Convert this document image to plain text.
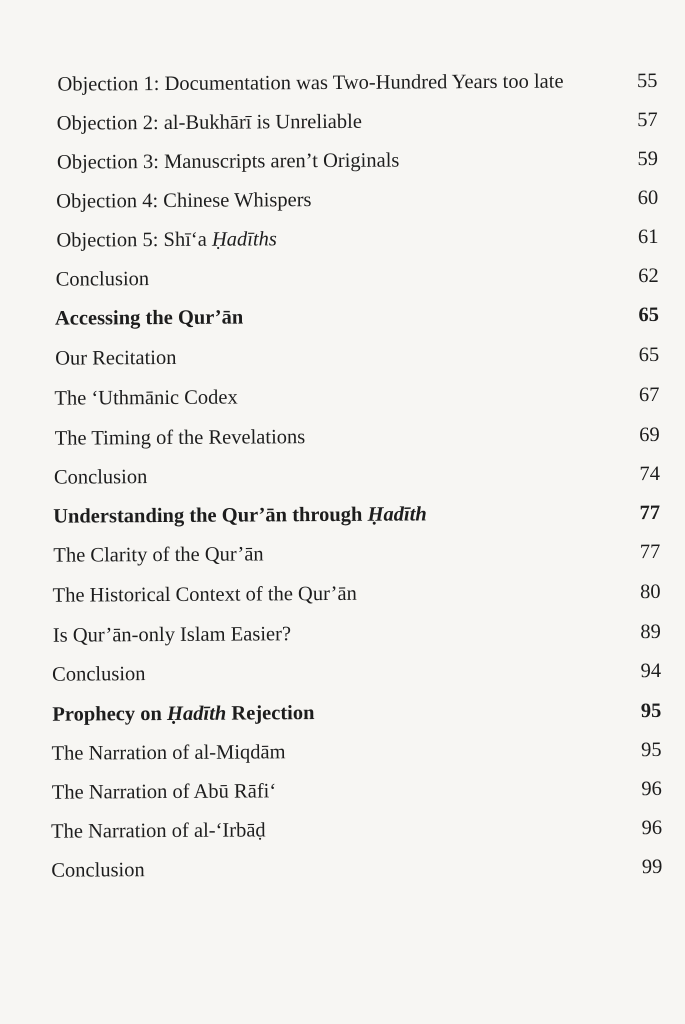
Objection 1: Documentation was Two-Hundred Years too late	55
Objection 2: al-Bukhārī is Unreliable	57
Objection 3: Manuscripts aren’t Originals	59
Objection 4: Chinese Whispers	60
Objection 5: Shī‘a Ḥadīths	61
Conclusion	62
Accessing the Qur’ān	65
Our Recitation	65
The ‘Uthmānic Codex	67
The Timing of the Revelations	69
Conclusion	74
Understanding the Qur’ān through Ḥadīth	77
The Clarity of the Qur’ān	77
The Historical Context of the Qur’ān	80
Is Qur’ān-only Islam Easier?	89
Conclusion	94
Prophecy on Ḥadīth Rejection	95
The Narration of al-Miqdām	95
The Narration of Abū Rāfi‘	96
The Narration of al-‘Irbāḍ	96
Conclusion	99
